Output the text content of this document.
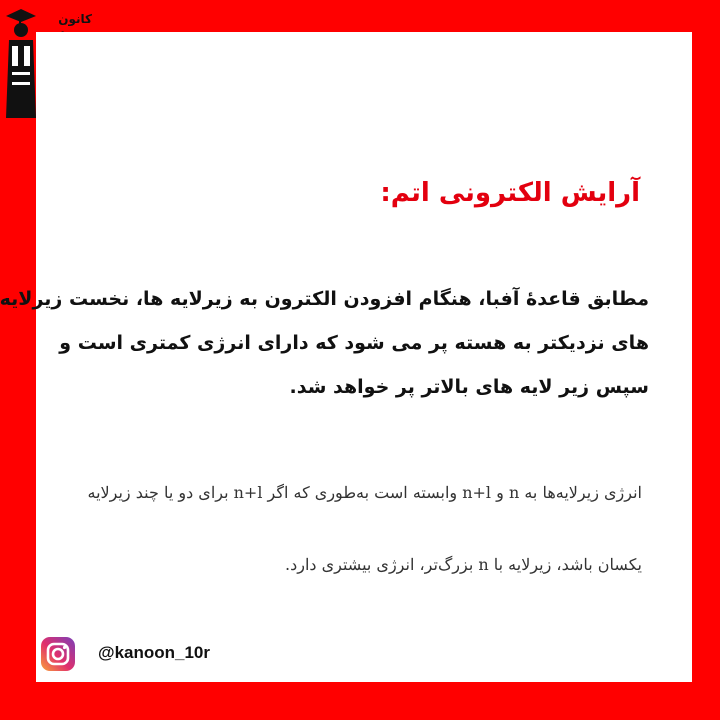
کانون
آرایش الکترونی اتم:
مطابق قاعدۀ آفبا، هنگام افزودن الکترون به زیرلایه ها، نخست زیرلایه
های نزدیکتر به هسته پر می شود که دارای انرژی کمتری است و
سپس زیر لایه های بالاتر پر خواهد شد.
انرژی زیرلایه‌ها به n و n+l وابسته است به‌طوری که اگر n+l برای دو یا چند زیرلایه
یکسان باشد، زیرلایه با n بزرگ‌تر، انرژی بیشتری دارد.
@kanoon_10r
